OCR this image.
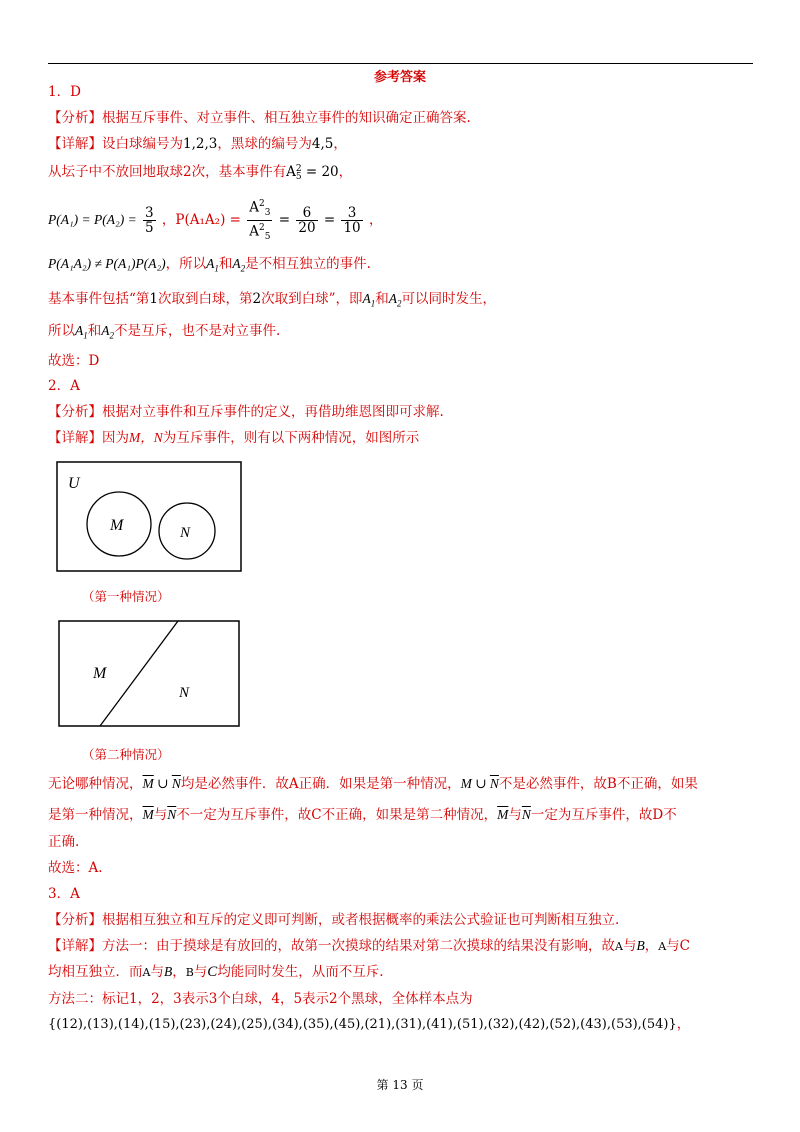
参考答案
1．D
【分析】根据互斥事件、对立事件、相互独立事件的知识确定正确答案.
【详解】设白球编号为1,2,3，黑球的编号为4,5，
从坛子中不放回地取球2次，基本事件有A 2
5 = 20，
$P(A_1) = P(A_2) = \frac{3}{5}$ ，$P(A_1A_2) = \frac{A^2_3}{A^2_5} = \frac{6}{20} = \frac{3}{10}$ ，
P(A₁A₂) ≠ P(A₁)P(A₂)，所以$A_1$和$A_2$是不相互独立的事件.
基本事件包括“第1次取到白球，第2次取到白球”，即$A_1$和$A_2$可以同时发生，
所以$A_1$和$A_2$不是互斥，也不是对立事件.
故选：D
2．A
【分析】根据对立事件和互斥事件的定义，再借助维恩图即可求解.
【详解】因为M，N为互斥事件，则有以下两种情况，如图所示
U
M	N
（第一种情况）
M
N
（第二种情况）
无论哪种情况，$\overline{M}$ ∪ $\overline{N}$均是必然事件．故A正确．如果是第一种情况，M ∪ $\overline{N}$不是必然事件，故B不正确，如果
是第一种情况，$\overline{M}$与$\overline{N}$不一定为互斥事件，故C不正确，如果是第二种情况，$\overline{M}$与$\overline{N}$一定为互斥事件，故D不
正确.
故选：A.
3．A
【分析】根据相互独立和互斥的定义即可判断，或者根据概率的乘法公式验证也可判断相互独立.
【详解】方法一：由于摸球是有放回的，故第一次摸球的结果对第二次摸球的结果没有影响，故A与B，A与C
均相互独立．而A与B，B与C均能同时发生，从而不互斥.
方法二：标记1，2，3表示3个白球，4，5表示2个黑球，全体样本点为
{(12),(13),(14),(15),(23),(24),(25),(34),(35),(45),(21),(31),(41),(51),(32),(42),(52),(43),(53),(54)}，
第 13 页
